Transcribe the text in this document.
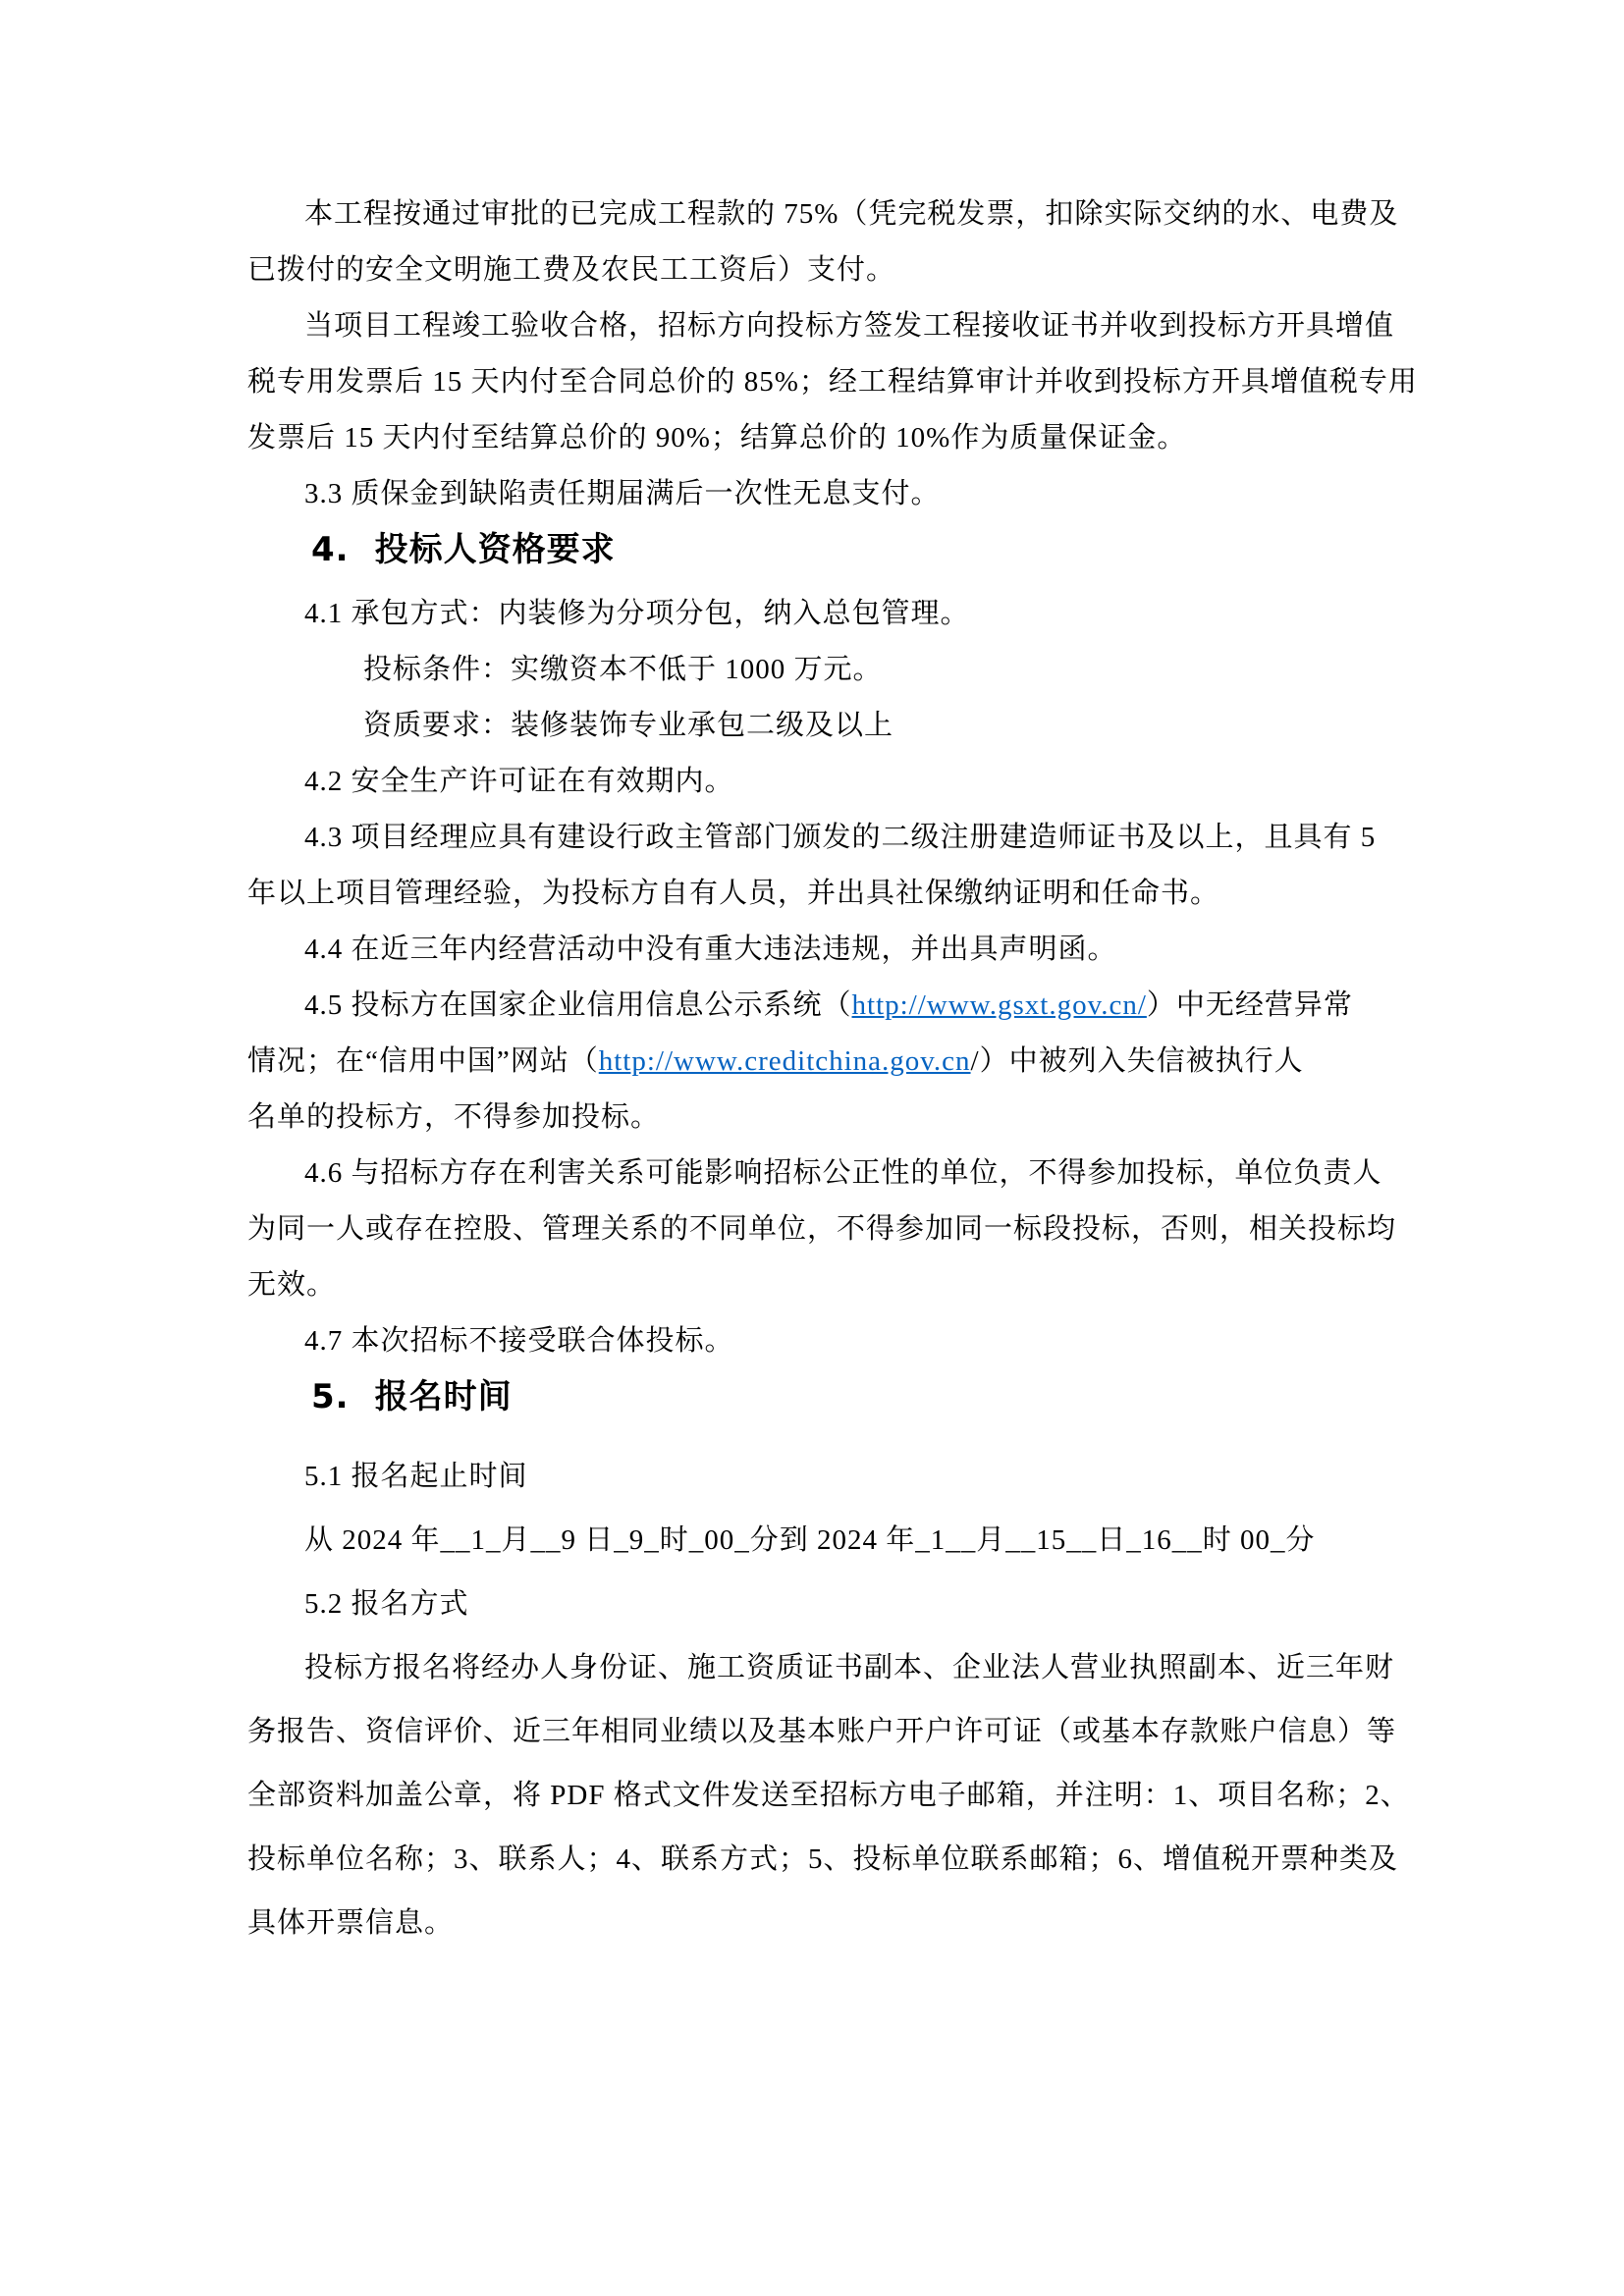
本工程按通过审批的已完成工程款的 75%（凭完税发票，扣除实际交纳的水、电费及
已拨付的安全文明施工费及农民工工资后）支付。
当项目工程竣工验收合格，招标方向投标方签发工程接收证书并收到投标方开具增值
税专用发票后 15 天内付至合同总价的 85%；经工程结算审计并收到投标方开具增值税专用
发票后 15 天内付至结算总价的 90%；结算总价的 10%作为质量保证金。
3.3 质保金到缺陷责任期届满后一次性无息支付。
4. 投标人资格要求
4.1 承包方式：内装修为分项分包，纳入总包管理。
投标条件：实缴资本不低于 1000 万元。
资质要求：装修装饰专业承包二级及以上
4.2 安全生产许可证在有效期内。
4.3 项目经理应具有建设行政主管部门颁发的二级注册建造师证书及以上，且具有 5
年以上项目管理经验，为投标方自有人员，并出具社保缴纳证明和任命书。
4.4 在近三年内经营活动中没有重大违法违规，并出具声明函。
4.5 投标方在国家企业信用信息公示系统（http://www.gsxt.gov.cn/）中无经营异常
情况；在“信用中国”网站（http://www.creditchina.gov.cn/）中被列入失信被执行人
名单的投标方，不得参加投标。
4.6 与招标方存在利害关系可能影响招标公正性的单位，不得参加投标，单位负责人
为同一人或存在控股、管理关系的不同单位，不得参加同一标段投标，否则，相关投标均
无效。
4.7 本次招标不接受联合体投标。
5. 报名时间
5.1 报名起止时间
从 2024 年__1_月__9 日_9_时_00_分到 2024 年_1__月__15__日_16__时 00_分
5.2 报名方式
投标方报名将经办人身份证、施工资质证书副本、企业法人营业执照副本、近三年财
务报告、资信评价、近三年相同业绩以及基本账户开户许可证（或基本存款账户信息）等
全部资料加盖公章，将 PDF 格式文件发送至招标方电子邮箱，并注明：1、项目名称；2、
投标单位名称；3、联系人；4、联系方式；5、投标单位联系邮箱；6、增值税开票种类及
具体开票信息。
